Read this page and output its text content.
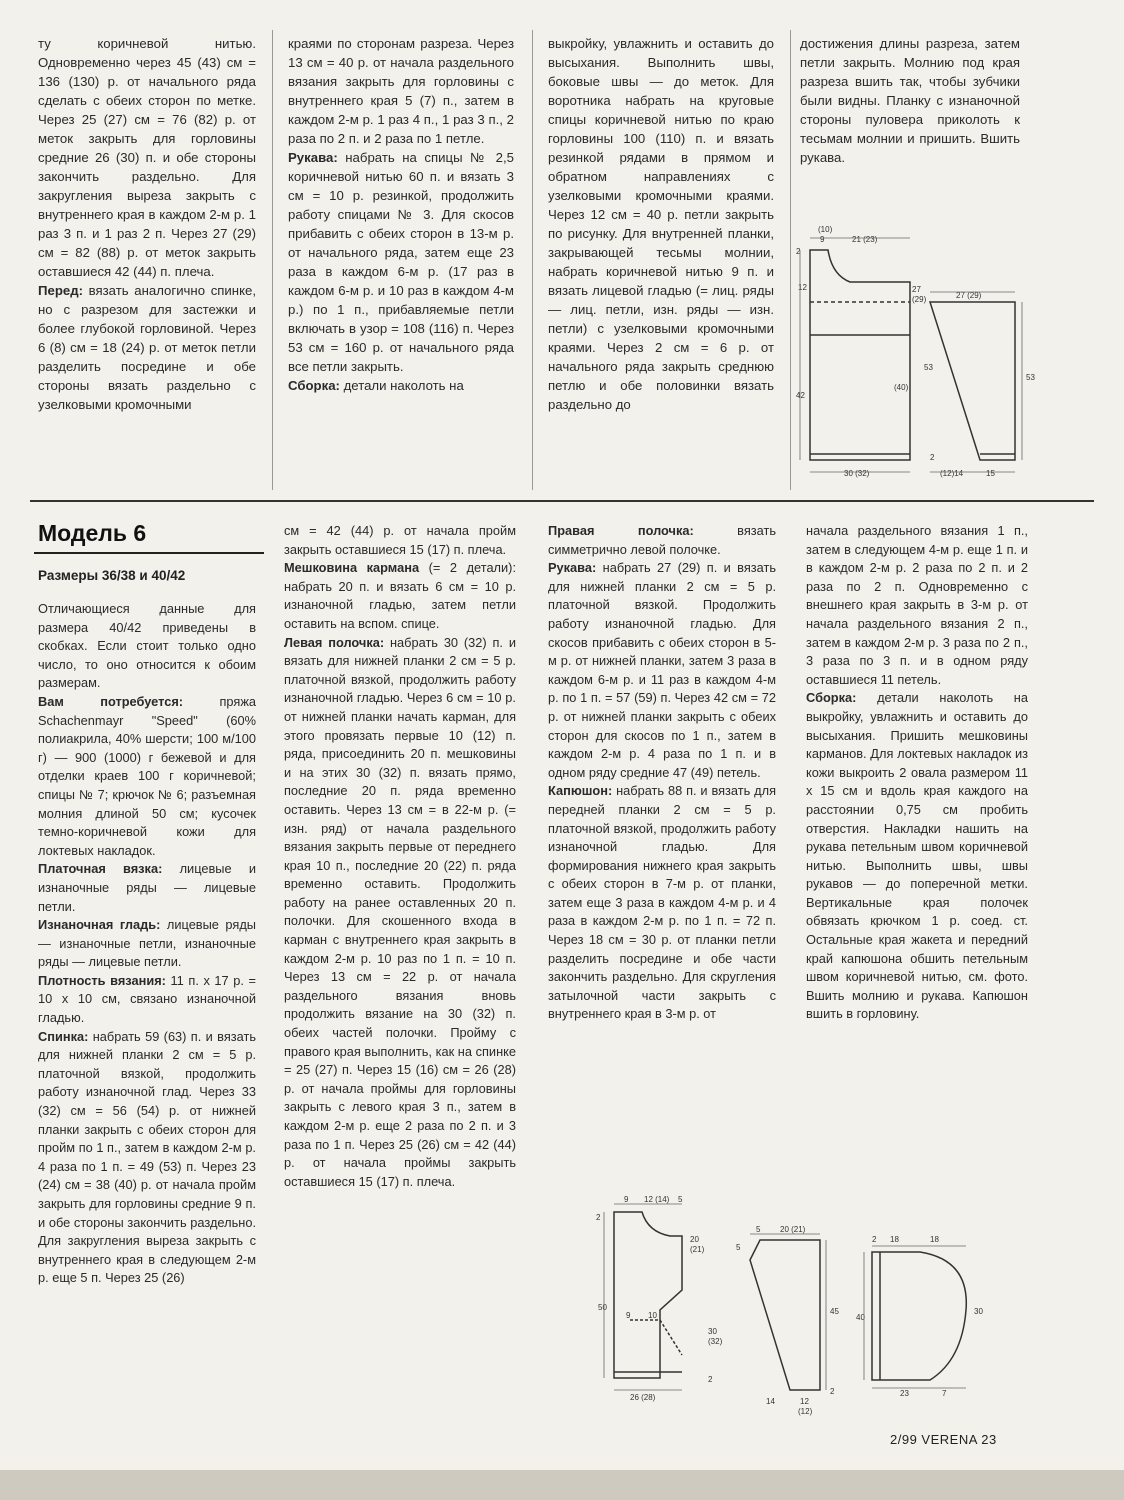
ту коричневой нитью. Одновременно через 45 (43) см = 136 (130) р. от начального ряда сделать с обеих сторон по метке. Через 25 (27) см = 76 (82) р. от меток закрыть для горловины средние 26 (30) п. и обе стороны закончить раздельно. Для закругления выреза закрыть с внутреннего края в каждом 2-м р. 1 раз 3 п. и 1 раз 2 п. Через 27 (29) см = 82 (88) р. от меток закрыть оставшиеся 42 (44) п. плеча.
Перед: вязать аналогично спинке, но с разрезом для застежки и более глубокой горловиной. Через 6 (8) см = 18 (24) р. от меток петли разделить посредине и обе стороны вязать раздельно с узелковыми кромочными
краями по сторонам разреза. Через 13 см = 40 р. от начала раздельного вязания закрыть для горловины с внутреннего края 5 (7) п., затем в каждом 2-м р. 1 раз 4 п., 1 раз 3 п., 2 раза по 2 п. и 2 раза по 1 петле.
Рукава: набрать на спицы № 2,5 коричневой нитью 60 п. и вязать 3 см = 10 р. резинкой, продолжить работу спицами № 3. Для скосов прибавить с обеих сторон в 13-м р. от начального ряда, затем еще 23 раза в каждом 6-м р. (17 раз в каждом 6-м р. и 10 раз в каждом 4-м р.) по 1 п., прибавляемые петли включать в узор = 108 (116) п. Через 53 см = 160 р. от начального ряда все петли закрыть.
Сборка: детали наколоть на
выкройку, увлажнить и оставить до высыхания. Выполнить швы, боковые швы — до меток. Для воротника набрать на круговые спицы коричневой нитью по краю горловины 100 (110) п. и вязать резинкой рядами в прямом и обратном направлениях с узелковыми кромочными краями. Через 12 см = 40 р. петли закрыть по рисунку. Для внутренней планки, закрывающей тесьмы молнии, набрать коричневой нитью 9 п. и вязать лицевой гладью (= лиц. ряды — лиц. петли, изн. ряды — изн. петли) с узелковыми кромочными краями. Через 2 см = 6 р. от начального ряда закрыть среднюю петлю и обе половинки вязать раздельно до
достижения длины разреза, затем петли закрыть. Молнию под края разреза вшить так, чтобы зубчики были видны. Планку с изнаночной стороны пуловера приколоть к тесьмам молнии и пришить. Вшить рукава.
(10)
9	21 (23)
2
27
(29)
12
42
(40)
53
30 (32)
2
27 (29)
53
(12)14	15
Модель 6
Размеры 36/38 и 40/42
Отличающиеся данные для размера 40/42 приведены в скобках. Если стоит только одно число, то оно относится к обоим размерам.
Вам потребуется: пряжа Schachenmayr "Speed" (60% полиакрила, 40% шерсти; 100 м/100 г) — 900 (1000) г бежевой и для отделки краев 100 г коричневой; спицы № 7; крючок № 6; разъемная молния длиной 50 см; кусочек темно-коричневой кожи для локтевых накладок.
Платочная вязка: лицевые и изнаночные ряды — лицевые петли.
Изнаночная гладь: лицевые ряды — изнаночные петли, изнаночные ряды — лицевые петли.
Плотность вязания: 11 п. х 17 р. = 10 х 10 см, связано изнаночной гладью.
Спинка: набрать 59 (63) п. и вязать для нижней планки 2 см = 5 р. платочной вязкой, продолжить работу изнаночной глад. Через 33 (32) см = 56 (54) р. от нижней планки закрыть с обеих сторон для пройм по 1 п., затем в каждом 2-м р. 4 раза по 1 п. = 49 (53) п. Через 23 (24) см = 38 (40) р. от начала пройм закрыть для горловины средние 9 п. и обе стороны закончить раздельно. Для закругления выреза закрыть с внутреннего края в следующем 2-м р. еще 5 п. Через 25 (26)
см = 42 (44) р. от начала пройм закрыть оставшиеся 15 (17) п. плеча.
Мешковина кармана (= 2 детали): набрать 20 п. и вязать 6 см = 10 р. изнаночной гладью, затем петли оставить на вспом. спице.
Левая полочка: набрать 30 (32) п. и вязать для нижней планки 2 см = 5 р. платочной вязкой, продолжить работу изнаночной гладью. Через 6 см = 10 р. от нижней планки начать карман, для этого провязать первые 10 (12) п. ряда, присоединить 20 п. мешковины и на этих 30 (32) п. вязать прямо, последние 20 п. ряда временно оставить. Через 13 см = в 22-м р. (= изн. ряд) от начала раздельного вязания закрыть первые от переднего края 10 п., последние 20 (22) п. ряда временно оставить. Продолжить работу на ранее оставленных 20 п. полочки. Для скошенного входа в карман с внутреннего края закрыть в каждом 2-м р. 10 раз по 1 п. = 10 п. Через 13 см = 22 р. от начала раздельного вязания вновь продолжить вязание на 30 (32) п. обеих частей полочки. Пройму с правого края выполнить, как на спинке = 25 (27) п. Через 15 (16) см = 26 (28) р. от начала проймы для горловины закрыть с левого края 3 п., затем в каждом 2-м р. еще 2 раза по 2 п. и 3 раза по 1 п. Через 25 (26) см = 42 (44) р. от начала проймы закрыть оставшиеся 15 (17) п. плеча.
Правая полочка: вязать симметрично левой полочке.
Рукава: набрать 27 (29) п. и вязать для нижней планки 2 см = 5 р. платочной вязкой. Продолжить работу изнаночной гладью. Для скосов прибавить с обеих сторон в 5-м р. от нижней планки, затем 3 раза в каждом 6-м р. и 11 раз в каждом 4-м р. по 1 п. = 57 (59) п. Через 42 см = 72 р. от нижней планки закрыть с обеих сторон для скосов по 1 п., затем в каждом 2-м р. 4 раза по 1 п. и в одном ряду средние 47 (49) петель.
Капюшон: набрать 88 п. и вязать для передней планки 2 см = 5 р. платочной вязкой, продолжить работу изнаночной гладью. Для формирования нижнего края закрыть с обеих сторон в 7-м р. от планки, затем еще 3 раза в каждом 4-м р. и 4 раза в каждом 2-м р. по 1 п. = 72 п. Через 18 см = 30 р. от планки петли разделить посредине и обе части закончить раздельно. Для скругления затылочной части закрыть с внутреннего края в 3-м р. от
начала раздельного вязания 1 п., затем в следующем 4-м р. еще 1 п. и в каждом 2-м р. 2 раза по 2 п. и 2 раза по 2 п. Одновременно с внешнего края закрыть в 3-м р. от начала раздельного вязания 2 п., затем в каждом 2-м р. 3 раза по 2 п., 3 раза по 3 п. и в одном ряду оставшиеся 11 петель.
Сборка: детали наколоть на выкройку, увлажнить и оставить до высыхания. Пришить мешковины карманов. Для локтевых накладок из кожи выкроить 2 овала размером 11 х 15 см и вдоль края каждого на расстоянии 0,75 см пробить отверстия. Накладки нашить на рукава петельным швом коричневой нитью. Выполнить швы, швы рукавов — до поперечной метки. Вертикальные края полочек обвязать крючком 1 р. соед. ст. Остальные края жакета и передний край капюшона обшить петельным швом коричневой нитью, см. фото. Вшить молнию и рукава. Капюшон вшить в горловину.
9 12 (14) 5
2
20
(21)
50
9 10
30
(32)
2
26 (28)
5 20 (21)
5
45
2
14	12
(12)
2 18	18
40
30
23	7
2/99 VERENA 23
